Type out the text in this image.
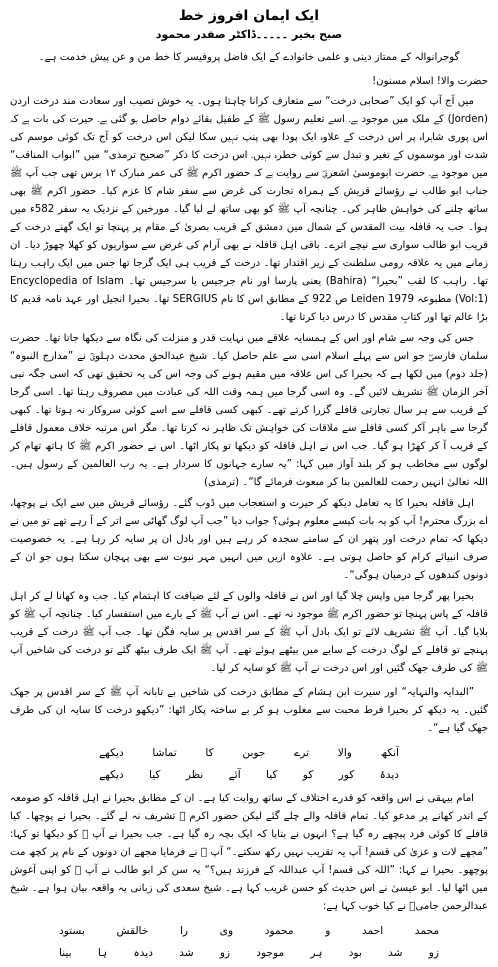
ایک ایمان افروز خط
صبح بخیر ۔۔۔۔۔ڈاکٹر صفدر محمود
گوجرانوالہ کے ممتاز دینی و علمی خانوادے کے ایک فاضل پروفیسر کا خط من و عن پیش خدمت ہے۔
حضرت والا! اسلام مسنون!
میں آج آپ کو ایک ”صحابی درخت“ سے متعارف کرانا چاہتا ہوں۔ یہ خوش نصیب اور سعادت مند درخت اردن (Jorden) کے ملک میں موجود ہے۔ اسے تعلیم رسول ﷺ کے طفیل بقائے دوام حاصل ہو گئی ہے۔ حیرت کی بات ہے کہ اس پوری شاہراہ پر اس درخت کے علاوہ ایک پودا بھی پنپ نہیں سکا لیکن اس درخت کو آج تک کوئی موسم کی شدت اور موسموں کے تغیر و تبدل سے کوئی خطرہ نہیں۔ اس درخت کا ذکر ”صحیح ترمذی“ میں ”ابواب المناقب“ میں موجود ہے۔ حضرت ابوموسیٰ اشعریؓ سے روایت ہے کہ حضور اکرم ﷺ کی عمر مبارک ۱۲ برس تھی جب آپ ﷺ جناب ابو طالب نے رؤسائے قریش کے ہمراہ تجارت کی غرض سے سفر شام کا عزم کیا۔ حضور اکرم ﷺ بھی ساتھ چلنے کی خواہش ظاہر کی۔ چنانچہ آپ ﷺ کو بھی ساتھ لے لیا گیا۔ مورخین کے نزدیک یہ سفر 582ء میں ہوا۔ جب یہ قافلہ بیت المقدس کے شمال میں دمشق کے قریب بصریٰ کے مقام پر پہنچا تو ایک گھنے درخت کے قریب ابو طالب سواری سے نیچے اترے۔ باقی اہل قافلہ نے بھی آرام کی غرض سے سواریوں کو کھلا چھوڑ دیا۔ ان زمانے میں یہ علاقہ رومی سلطنت کے زیر اقتدار تھا۔ درخت کے قریب ہی ایک گرجا تھا جس میں ایک راہب رہتا تھا۔ راہب کا لقب ”بحیرا“ (Bahira) یعنی پارسا اور نام جرجیس یا سرجیس تھا۔ Encyclopedia of Islam (Vol:1) مطبوعہ Leiden 1979 ص 922 کے مطابق اس کا نام SERGIUS تھا۔ بحیرا انجیل اور عہد نامہ قدیم کا بڑا عالم تھا اور کتابِ مقدس کا درس دیا کرتا تھا۔
جس کی وجہ سے شام اور اس کے ہمسایہ علاقے میں نہایت قدر و منزلت کی نگاہ سے دیکھا جاتا تھا۔ حضرت سلمان فارسیؓ جو اس سے پہلے اسلام اسی سے علم حاصل کیا۔ شیخ عبدالحق محدث دہلویؒ نے ”مدارج النبوہ“ (جلد دوم) میں لکھا ہے کہ بحیرا کی اس علاقہ میں مقیم ہونے کی وجہ اس کی یہ تحقیق تھی کہ اسی جگہ نبی آخر الزمان ﷺ تشریف لائیں گے۔ وہ اسی گرجا میں ہمہ وقت اللہ کی عبادت میں مصروف رہتا تھا۔ اسی گرجا کے قریب سے ہر سال تجارتی قافلے گزرا کرتے تھے۔ کبھی کسی قافلے سے اسے کوئی سروکار نہ ہوتا تھا۔ کبھی گرجا سے باہر آکر کسی قافلے سے ملاقات کی خواہش تک ظاہر نہ کرتا تھا۔ مگر اس مرتبہ خلاف معمول قافلے کے قریب آ کر کھڑا ہو گیا۔ جب اس نے اہل قافلہ کو دیکھا تو پکار اٹھا۔ اس نے حضور اکرم ﷺ کا ہاتھ تھام کر لوگوں سے مخاطب ہو کر بلند آواز میں کہا: ”یہ سارے جہانوں کا سردار ہے۔ یہ رب العالمین کے رسول ہیں۔ اللہ تعالیٰ انہیں رحمت للعالمین بنا کر مبعوث فرمائے گا“۔ (ترمذی)
اہل قافلہ بحیرا کا یہ تعامل دیکھ کر حیرت و استعجاب میں ڈوب گئے۔ رؤسائے قریش میں سے ایک نے پوچھا، اے بزرگ محترم! آپ کو یہ بات کیسے معلوم ہوئی؟ جواب دیا ”جب آپ لوگ گھاٹی سے اتر کے آ رہے تھے تو میں نے دیکھا کہ تمام درخت اور پتھر ان کے سامنے سجدہ کر رہے ہیں اور بادل ان پر سایہ کر رہا ہے۔ یہ خصوصیت صرف انبیائے کرام کو حاصل ہوتی ہے۔ علاوہ ازیں میں انہیں مہر نبوت سے بھی پہچان سکتا ہوں جو ان کے دونوں کندھوں کے درمیان ہوگی“۔
بحیرا پھر گرجا میں واپس چلا گیا اور اس نے قافلہ والوں کے لئے ضیافت کا اہتمام کیا۔ جب وہ کھانا لے کر اہل قافلہ کے پاس پہنچا تو حضور اکرم ﷺ موجود نہ تھے۔ اس نے آپ ﷺ کے بارے میں استفسار کیا۔ چنانچہ آپ ﷺ کو بلایا گیا۔ آپ ﷺ تشریف لائے تو ایک بادل آپ ﷺ کے سر اقدس پر سایہ فگن تھا۔ جب آپ ﷺ درخت کے قریب پہنچے تو قافلے کے لوگ درخت کے سایے میں بیٹھے ہوئے تھے۔ آپ ﷺ ایک طرف بیٹھ گئے تو درخت کی شاخیں آپ ﷺ کی طرف جھک گئیں اور اس درخت نے آپ ﷺ کو سایہ کر لیا۔
”البدایہ والنہایہ“ اور سیرت ابن ہشام کے مطابق درخت کی شاخیں بے تابانہ آپ ﷺ کے سر اقدس پر جھک گئیں۔ یہ دیکھ کر بحیرا فرط محبت سے مغلوب ہو کر بے ساختہ پکار اٹھا: ”دیکھو درخت کا سایہ ان کی طرف جھک گیا ہے“۔
آنکھ
والا
ترے
جوبن
کا
تماشا
دیکھے
دیدۂ
کور
کو
کیا
آئے
نظر
کیا
دیکھے
امام بیہقی نے اس واقعہ کو قدرے اختلاف کے ساتھ روایت کیا ہے۔ ان کے مطابق بحیرا نے اہل قافلہ کو صومعہ کے اندر کھانے پر مدعو کیا۔ تمام قافلہ والے چلے گئے لیکن حضور اکرم ﷺ تشریف نہ لے گئے۔ بحیرا نے پوچھا۔ کیا قافلے کا کوئی فرد پیچھے رہ گیا ہے؟ انہوں نے بتایا کہ ایک بچہ رہ گیا ہے۔ جب بحیرا نے آپ ﷺ کو دیکھا تو کہا: ”مجھے لات و عزیٰ کی قسم! آپ یہ تقریب نہیں رکھ سکتے۔“ آپ ﷺ نے فرمایا مجھے ان دونوں کے نام پر کچھ مت پوچھو۔ بحیرا نے کہا: ”اللہ کی قسم! آپ عبداللہ کے فرزند ہیں؟“ یہ سن کر ابو طالب نے آپ ﷺ کو اپنی آغوش میں اٹھا لیا۔ ابو عیسیٰ نے اس حدیث کو حسن غریب کہا ہے۔ شیخ سعدی کی زبانی یہ واقعہ بیان ہوا ہے۔ شیخ عبدالرحمن جامیؒ نے کیا خوب کہا ہے:
محمد
احمد
و
محمود
وی
را
خالقش
بستود
زو
شد
بود
ہر
موجود
زو
شد
دیدہ
ہا
بینا
